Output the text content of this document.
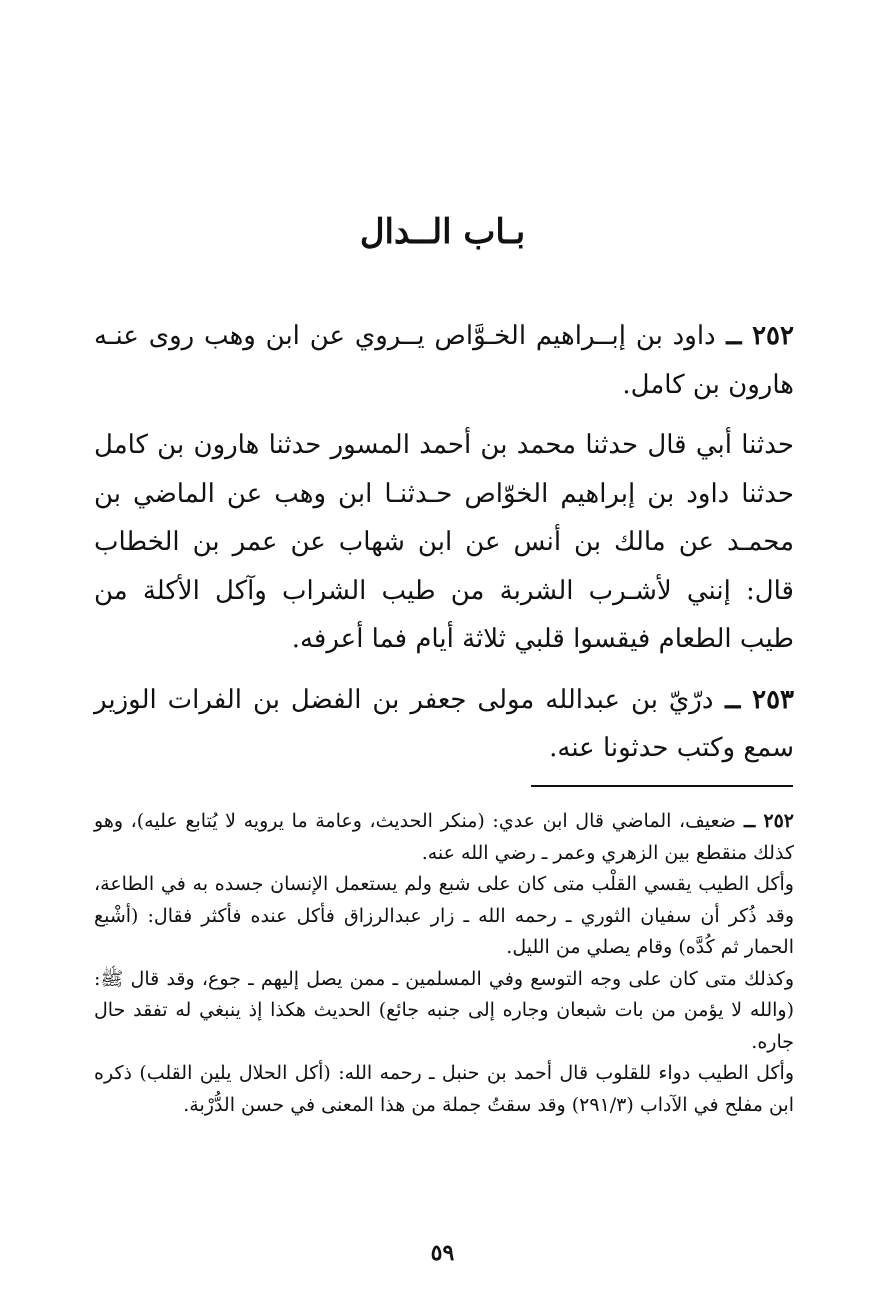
بـاب الــدال

٢٥٢ ــ داود بن إبــراهيم الخـوَّاص يــروي عن ابن وهب روى عنـه هارون بن كامل.

حدثنا أبي قال حدثنا محمد بن أحمد المسور حدثنا هارون بن كامل حدثنا داود بن إبراهيم الخوّاص حـدثنـا ابن وهب عن الماضي بن محمـد عن مالك بن أنس عن ابن شهاب عن عمر بن الخطاب قال: إنني لأشـرب الشربة من طيب الشراب وآكل الأكلة من طيب الطعام فيقسوا قلبي ثلاثة أيام فما أعرفه.

٢٥٣ ــ درّيّ بن عبدالله مولى جعفر بن الفضل بن الفرات الوزير سمع وكتب حدثونا عنه.

٢٥٢ ــ ضعيف، الماضي قال ابن عدي: (منكر الحديث، وعامة ما يرويه لا يُتابع عليه)، وهو كذلك منقطع بين الزهري وعمر ـ رضي الله عنه.

وأكل الطيب يقسي القلْب متى كان على شبع ولم يستعمل الإنسان جسده به في الطاعة، وقد ذُكر أن سفيان الثوري ـ رحمه الله ـ زار عبدالرزاق فأكل عنده فأكثر فقال: (أشْبع الحمار ثم كُدَّه) وقام يصلي من الليل.

وكذلك متى كان على وجه التوسع وفي المسلمين ـ ممن يصل إليهم ـ جوع، وقد قال ﷺ: (والله لا يؤمن من بات شبعان وجاره إلى جنبه جائع) الحديث هكذا إذ ينبغي له تفقد حال جاره.

وأكل الطيب دواء للقلوب قال أحمد بن حنبل ـ رحمه الله: (أكل الحلال يلين القلب) ذكره ابن مفلح في الآداب (٢٩١/٣) وقد سقتُ جملة من هذا المعنى في حسن الدُّرْبة.

٥٩
